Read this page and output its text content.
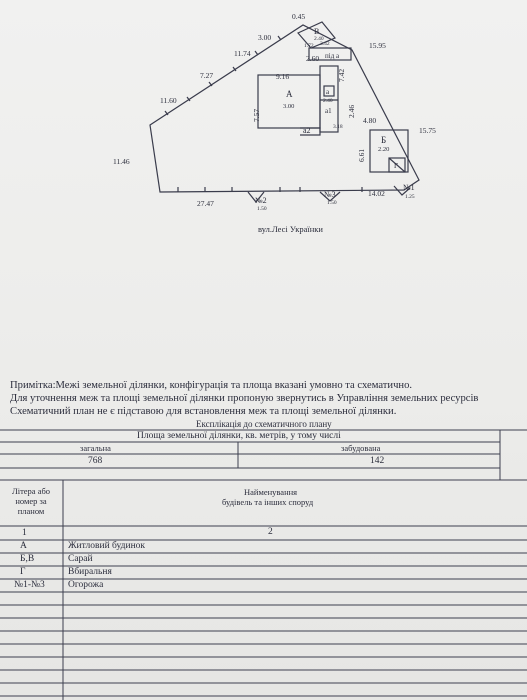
0.45
3.00
11.74
7.27
11.60
11.46
27.47
15.95
15.75
14.02
9.16	7.42
7.57	4.80
6.61
2.46
2.60
А
3.00
Б
2.20
В
2.40
Г
1.72 3.42
а2
а1
3.18
а
2.40
під а
№1
1.25
№2
1.50
№3
1.50
вул.Лесі Українки
Примітка:Межі земельної ділянки, конфігурація та площа вказані умовно та схематично.
Для уточнення меж та площі земельної ділянки пропоную звернутись в Управління земельних ресурсів
Схематичний план не є підставою для встановлення меж та площі земельної ділянки.
Експлікація до схематичного плану
Площа земельної ділянки, кв. метрів, у тому числі
загальна	забудована
768	142
Літера або номер за планом
Найменування
будівель та інших споруд
1	2
А	Житловий будинок
Б,В	Сарай
Г	Вбиральня
№1-№3 Огорожа
